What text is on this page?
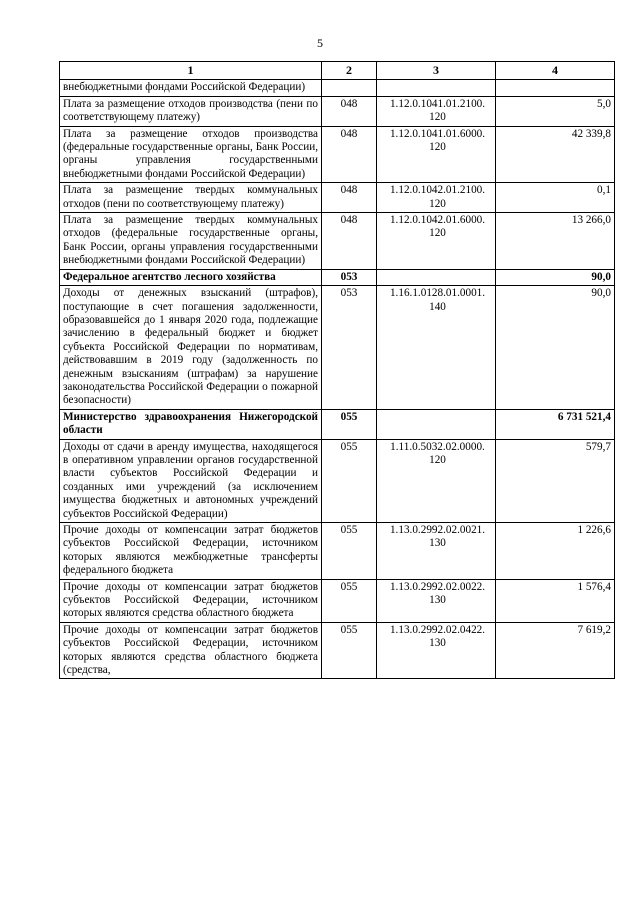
5
1	2	3	4
внебюджетными фондами Российской Федерации)			
Плата за размещение отходов производства (пени по соответствующему платежу)	048	1.12.0.1041.01.2100. 120	5,0
Плата за размещение отходов производства (федеральные государственные органы, Банк России, органы управления государственными внебюджетными фондами Российской Федерации)	048	1.12.0.1041.01.6000. 120	42 339,8
Плата за размещение твердых коммунальных отходов (пени по соответствующему платежу)	048	1.12.0.1042.01.2100. 120	0,1
Плата за размещение твердых коммунальных отходов (федеральные государственные органы, Банк России, органы управления государственными внебюджетными фондами Российской Федерации)	048	1.12.0.1042.01.6000. 120	13 266,0
Федеральное агентство лесного хозяйства	053		90,0
Доходы от денежных взысканий (штрафов), поступающие в счет погашения задолженности, образовавшейся до 1 января 2020 года, подлежащие зачислению в федеральный бюджет и бюджет субъекта Российской Федерации по нормативам, действовавшим в 2019 году (задолженность по денежным взысканиям (штрафам) за нарушение законодательства Российской Федерации о пожарной безопасности)	053	1.16.1.0128.01.0001. 140	90,0
Министерство здравоохранения Нижегородской области	055		6 731 521,4
Доходы от сдачи в аренду имущества, находящегося в оперативном управлении органов государственной власти субъектов Российской Федерации и созданных ими учреждений (за исключением имущества бюджетных и автономных учреждений субъектов Российской Федерации)	055	1.11.0.5032.02.0000. 120	579,7
Прочие доходы от компенсации затрат бюджетов субъектов Российской Федерации, источником которых являются межбюджетные трансферты федерального бюджета	055	1.13.0.2992.02.0021. 130	1 226,6
Прочие доходы от компенсации затрат бюджетов субъектов Российской Федерации, источником которых являются средства областного бюджета	055	1.13.0.2992.02.0022. 130	1 576,4
Прочие доходы от компенсации затрат бюджетов субъектов Российской Федерации, источником которых являются средства областного бюджета (средства,	055	1.13.0.2992.02.0422. 130	7 619,2
